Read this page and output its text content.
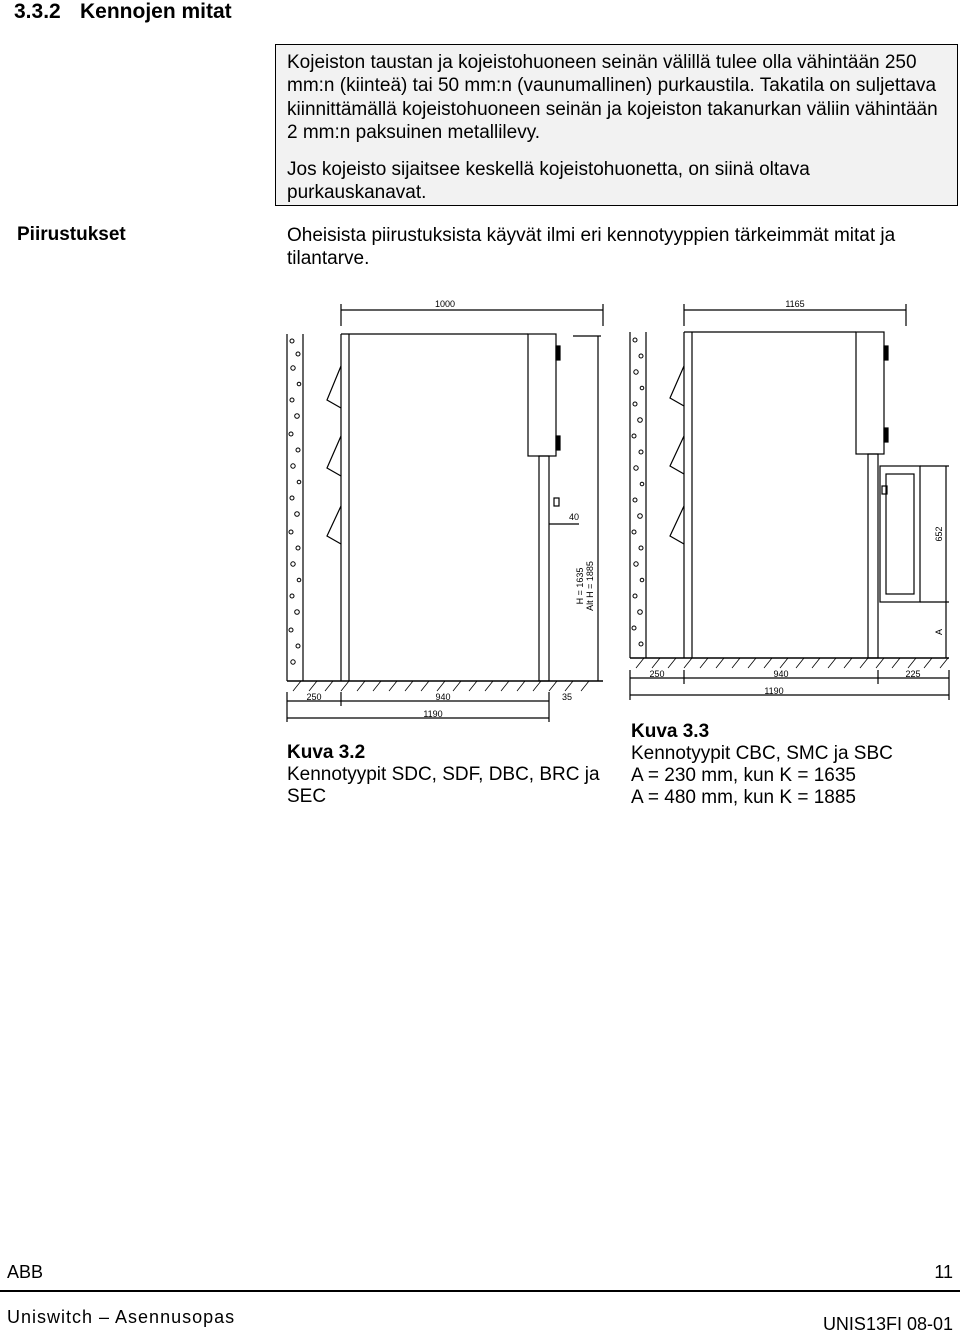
3.3.2 Kennojen mitat

Kojeiston taustan ja kojeistohuoneen seinän välillä tulee olla vähintään 250 mm:n (kiinteä) tai 50 mm:n (vaunumallinen) purkaustila. Takatila on suljettava kiinnittämällä kojeistohuoneen seinän ja kojeiston takanurkan väliin vähintään 2 mm:n paksuinen metallilevy.

Jos kojeisto sijaitsee keskellä kojeistohuonetta, on siinä oltava purkauskanavat.

Piirustukset	Oheisista piirustuksista käyvät ilmi eri kennotyyppien tärkeimmät mitat ja tilantarve.
1000
40
H = 1635 Alt H = 1885
250	940	35
1190
1165
652
A
250	940	225
1190
Kuva 3.2
Kennotyypit SDC, SDF, DBC, BRC ja
SEC
Kuva 3.3
Kennotyypit CBC, SMC ja SBC
A = 230 mm, kun K = 1635
A = 480 mm, kun K = 1885
ABB	11
Uniswitch – Asennusopas	UNIS13FI 08-01
